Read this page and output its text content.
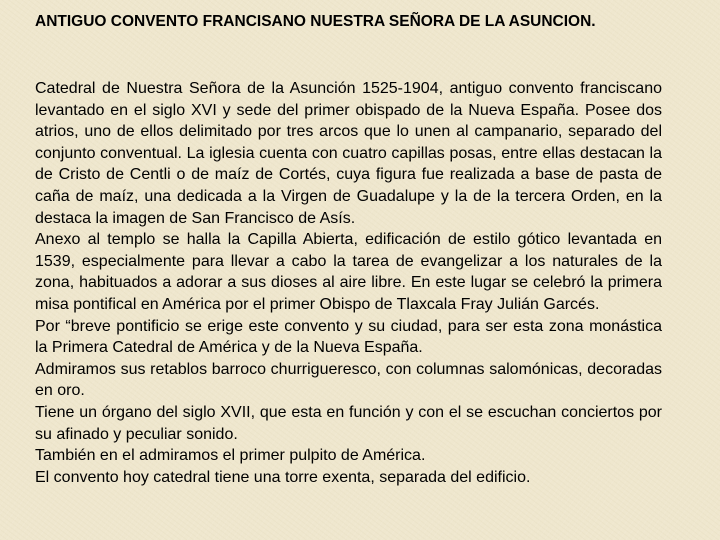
ANTIGUO CONVENTO FRANCISANO NUESTRA SEÑORA DE LA ASUNCION.

Catedral de Nuestra Señora de la Asunción 1525-1904, antiguo convento franciscano levantado en el siglo XVI y sede del primer obispado de la Nueva España. Posee dos atrios, uno de ellos delimitado por tres arcos que lo unen al campanario, separado del conjunto conventual. La iglesia cuenta con cuatro capillas posas, entre ellas destacan la de Cristo de Centli o de maíz de Cortés, cuya figura fue realizada a base de pasta de caña de maíz, una dedicada a la Virgen de Guadalupe y la de la tercera Orden, en la destaca la imagen de San Francisco de Asís.

Anexo al templo se halla la Capilla Abierta, edificación de estilo gótico levantada en 1539, especialmente para llevar a cabo la tarea de evangelizar a los naturales de la zona, habituados a adorar a sus dioses al aire libre. En este lugar se celebró la primera misa pontifical en América por el primer Obispo de Tlaxcala Fray Julián Garcés.

Por “breve pontificio se erige este convento y su ciudad, para ser esta zona monástica la Primera Catedral de América y de la Nueva España.

Admiramos sus retablos barroco churrigueresco, con columnas salomónicas, decoradas en oro.

Tiene un órgano del siglo XVII, que esta en función y con el se escuchan conciertos por su afinado y peculiar sonido.

También en el admiramos el primer pulpito de América.

El convento hoy catedral tiene una torre exenta, separada del edificio.
